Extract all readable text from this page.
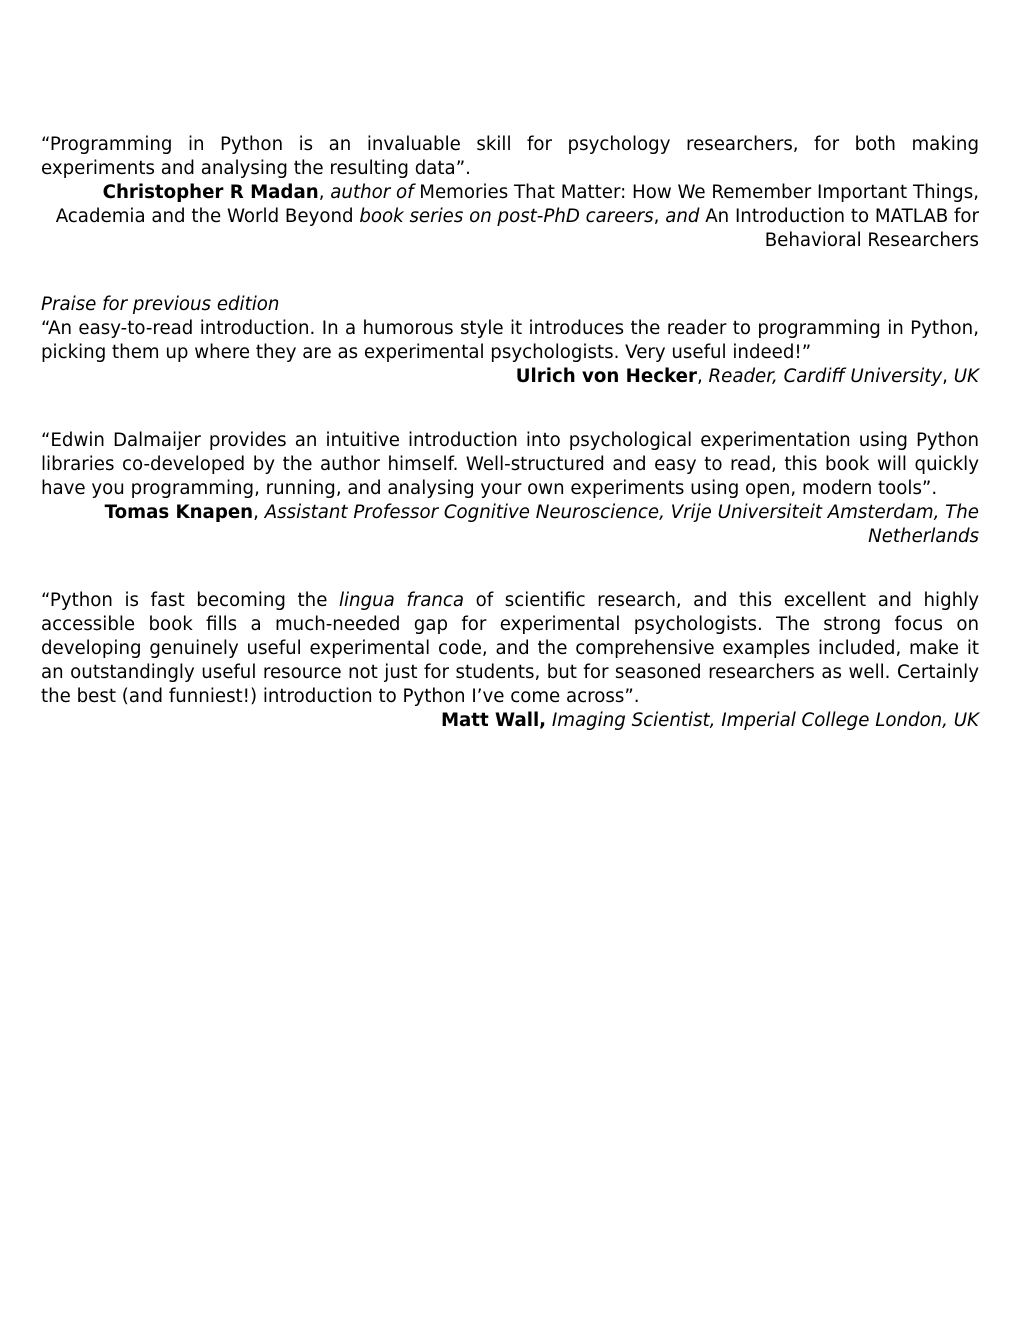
“Programming in Python is an invaluable skill for psychology researchers, for both making experiments and analysing the resulting data”.

Christopher R Madan, author of Memories That Matter: How We Remember Important Things, Academia and the World Beyond book series on post-PhD careers, and An Introduction to MATLAB for Behavioral Researchers

Praise for previous edition

“An easy-to-read introduction. In a humorous style it introduces the reader to programming in Python, picking them up where they are as experimental psychologists. Very useful indeed!”

Ulrich von Hecker, Reader, Cardiff University, UK

“Edwin Dalmaijer provides an intuitive introduction into psychological experimentation using Python libraries co-developed by the author himself. Well-structured and easy to read, this book will quickly have you programming, running, and analysing your own experiments using open, modern tools”.

Tomas Knapen, Assistant Professor Cognitive Neuroscience, Vrije Universiteit Amsterdam, The Netherlands

“Python is fast becoming the lingua franca of scientific research, and this excellent and highly accessible book fills a much-needed gap for experimental psychologists. The strong focus on developing genuinely useful experimental code, and the comprehensive examples included, make it an outstandingly useful resource not just for students, but for seasoned researchers as well. Certainly the best (and funniest!) introduction to Python I’ve come across”.

Matt Wall, Imaging Scientist, Imperial College London, UK
